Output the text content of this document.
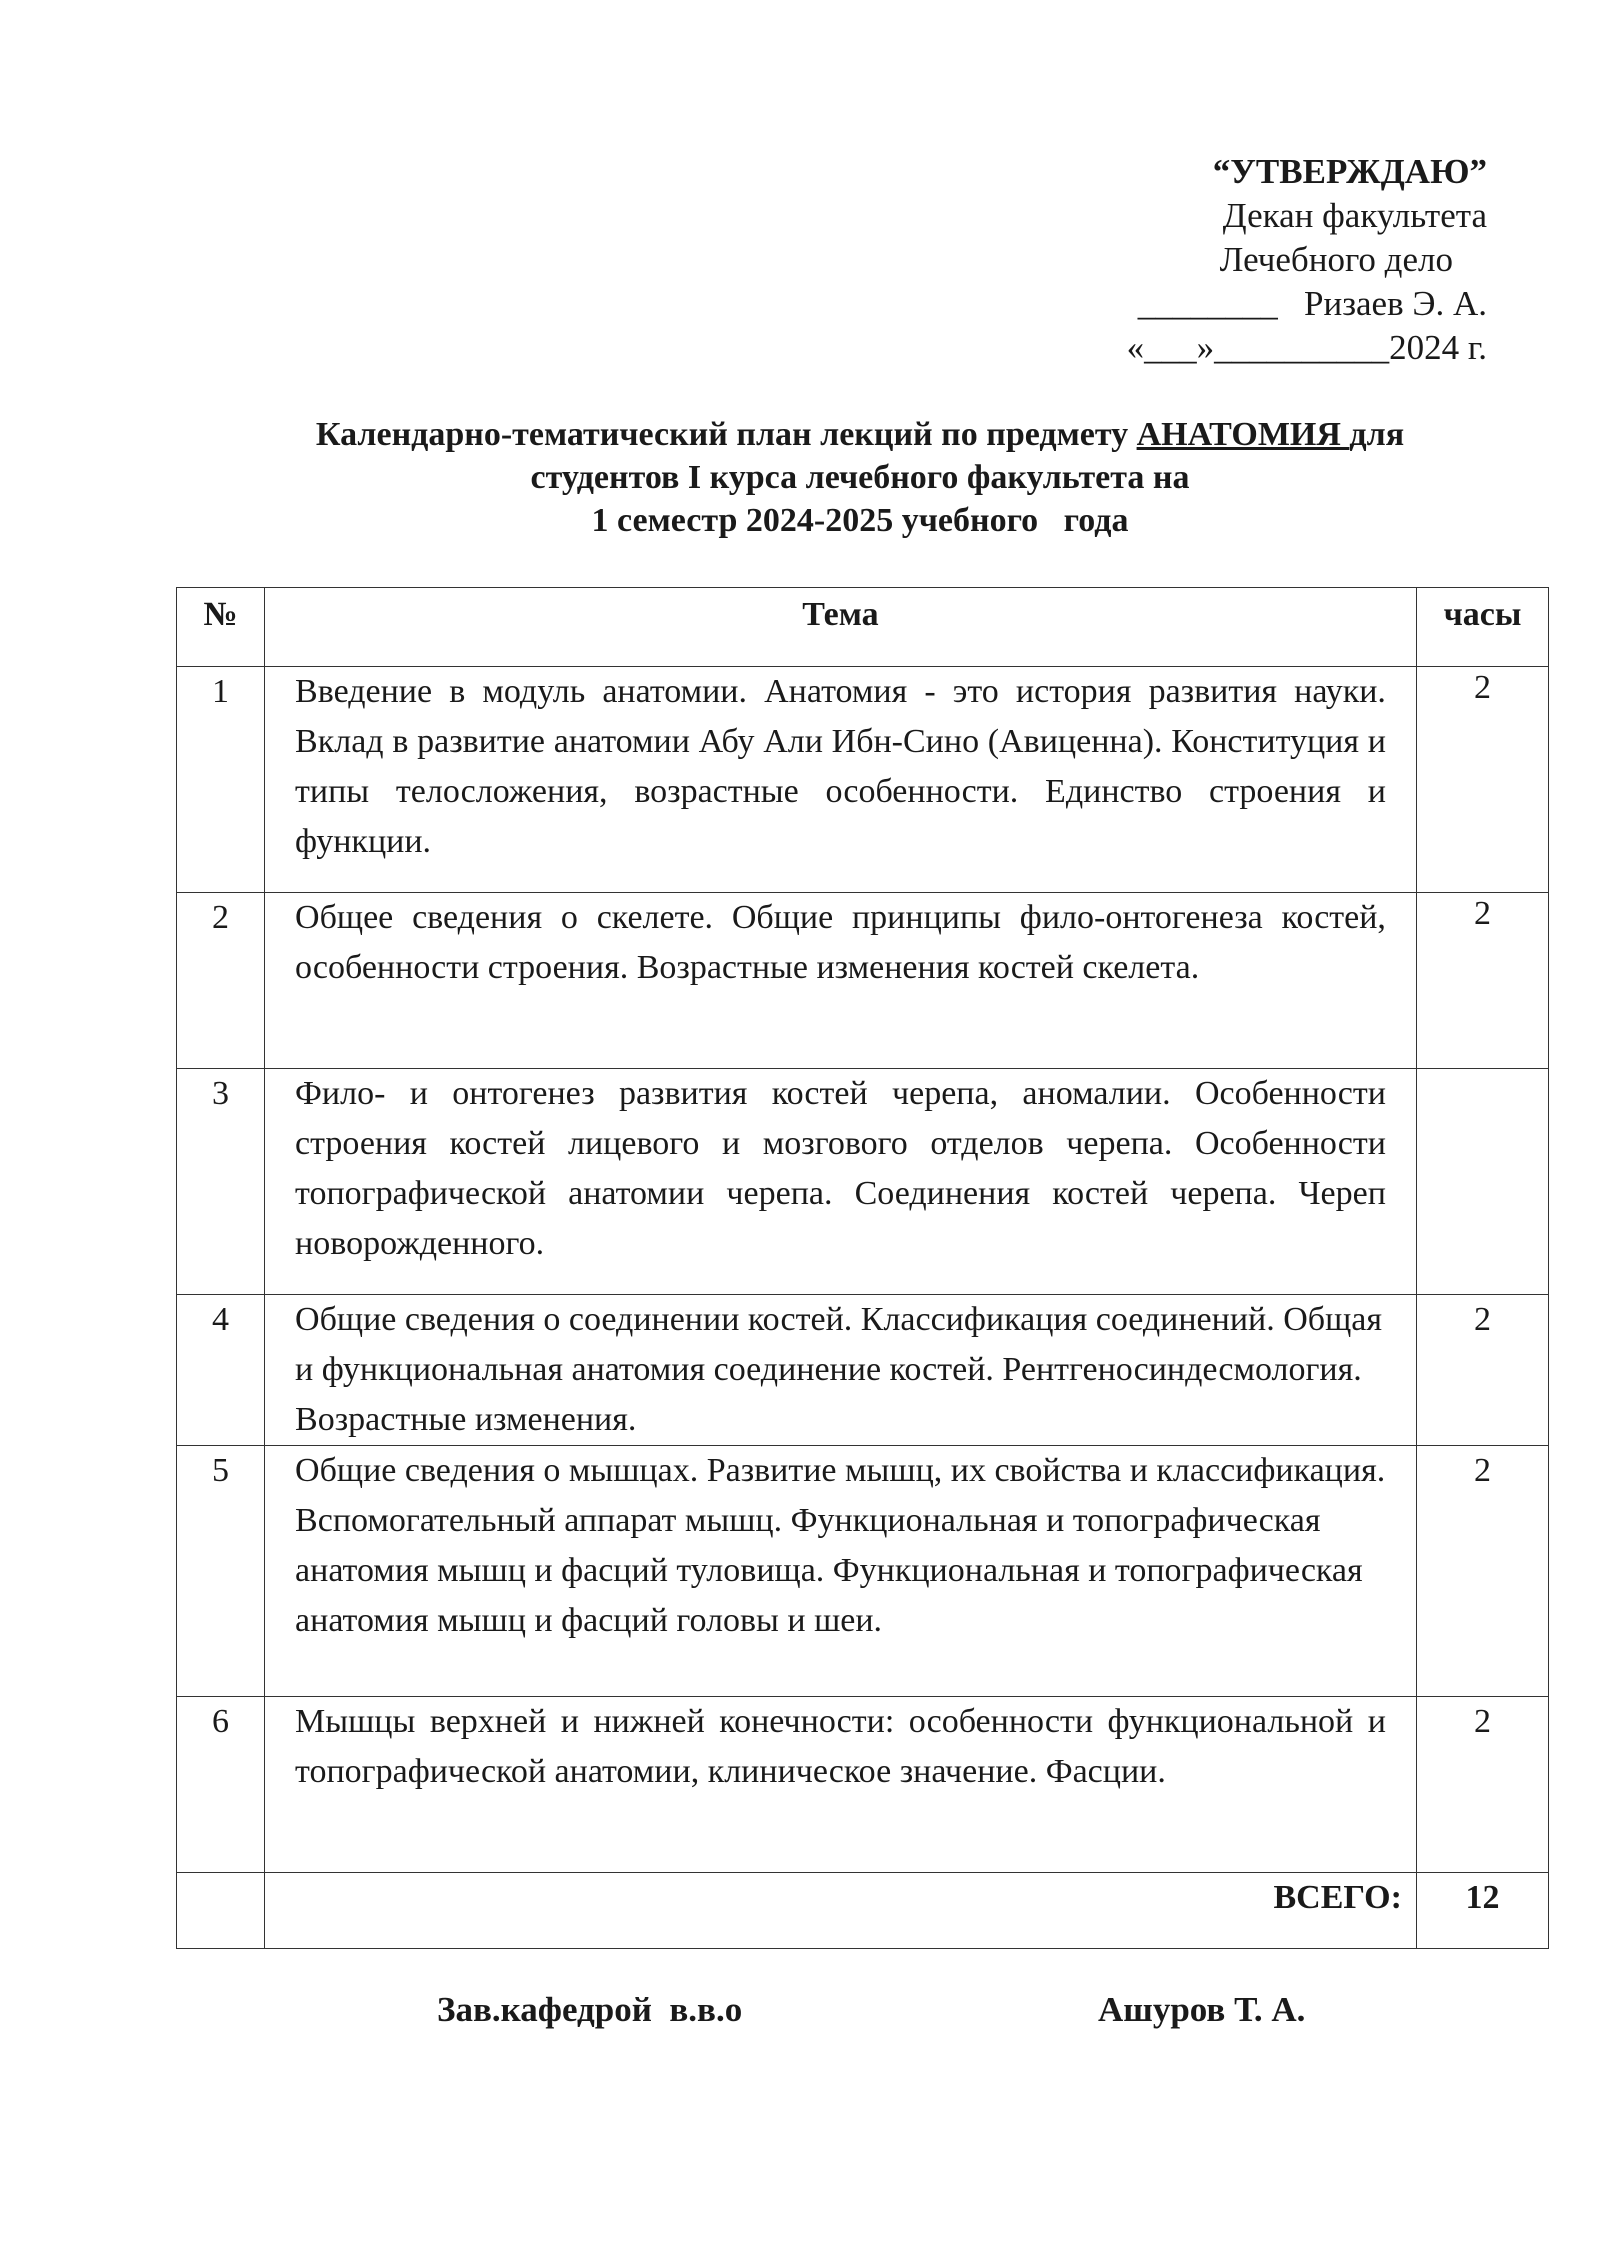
“УТВЕРЖДАЮ”
Декан факультета
Лечебного дело
________   Ризаев Э. А.
«___»__________2024 г.
Календарно-тематический план лекций по предмету АНАТОМИЯ для
студентов I курса лечебного факультета на
1 семестр 2024-2025 учебного   года
№	Тема	часы
1	Введение в модуль анатомии. Анатомия - это история развития науки. Вклад в развитие анатомии Абу Али Ибн-Сино (Авиценна). Конституция и типы телосложения, возрастные особенности. Единство строения и функции.	2
2	Общее сведения о скелете. Общие принципы фило-онтогенеза костей, особенности строения. Возрастные изменения костей скелета.	2
3	Фило- и онтогенез развития костей черепа, аномалии. Особенности строения костей лицевого и мозгового отделов черепа. Особенности топографической анатомии черепа. Соединения костей черепа. Череп новорожденного.	

4	Общие сведения о соединении костей. Классификация соединений. Общая и функциональная анатомия соединение костей. Рентгеносиндесмология. Возрастные изменения.	2
5	Общие сведения о мышцах. Развитие мышц, их свойства и классификация. Вспомогательный аппарат мышц. Функциональная и топографическая анатомия мышц и фасций туловища. Функциональная и топографическая анатомия мышц и фасций головы и шеи.	2
6	Мышцы верхней и нижней конечности: особенности функциональной и топографической анатомии, клиническое значение. Фасции.	2
	ВСЕГО:	12
Зав.кафедрой  в.в.о	Ашуров Т. А.
